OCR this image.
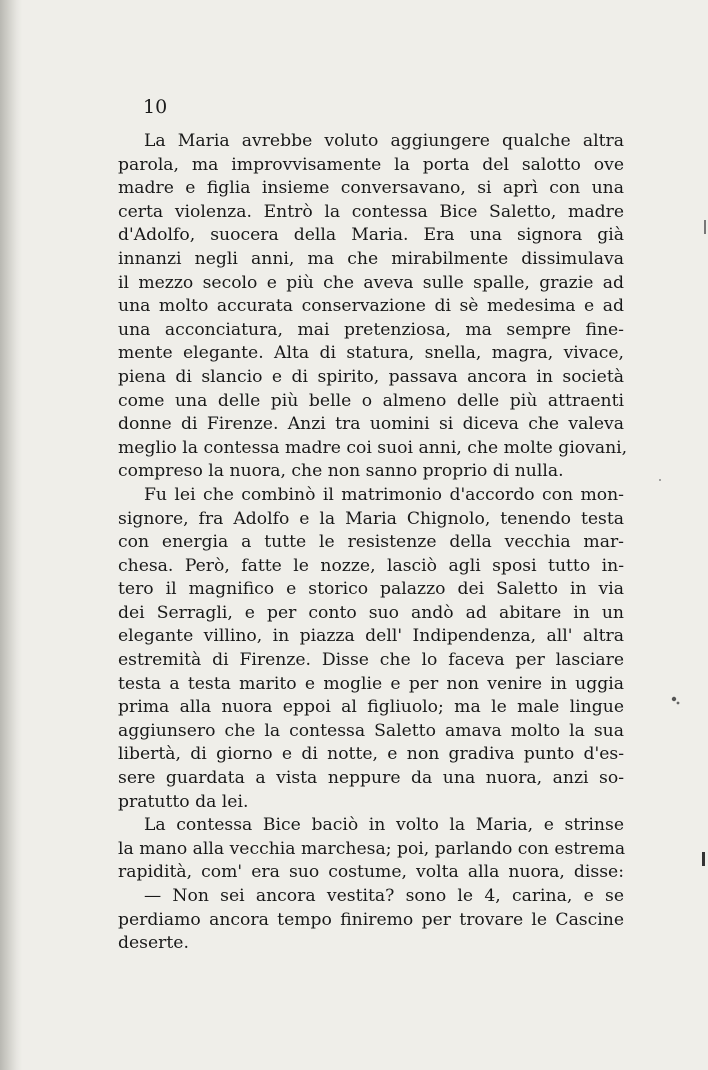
10
La Maria avrebbe voluto aggiungere qualche altra
parola, ma improvvisamente la porta del salotto ove
madre e figlia insieme conversavano, si aprì con una
certa violenza. Entrò la contessa Bice Saletto, madre
d'Adolfo, suocera della Maria. Era una signora già
innanzi negli anni, ma che mirabilmente dissimulava
il mezzo secolo e più che aveva sulle spalle, grazie ad
una molto accurata conservazione di sè medesima e ad
una acconciatura, mai pretenziosa, ma sempre fine-
mente elegante. Alta di statura, snella, magra, vivace,
piena di slancio e di spirito, passava ancora in società
come una delle più belle o almeno delle più attraenti
donne di Firenze. Anzi tra uomini si diceva che valeva
meglio la contessa madre coi suoi anni, che molte giovani,
compreso la nuora, che non sanno proprio di nulla.
Fu lei che combinò il matrimonio d'accordo con mon-
signore, fra Adolfo e la Maria Chignolo, tenendo testa
con energia a tutte le resistenze della vecchia mar-
chesa. Però, fatte le nozze, lasciò agli sposi tutto in-
tero il magnifico e storico palazzo dei Saletto in via
dei Serragli, e per conto suo andò ad abitare in un
elegante villino, in piazza dell' Indipendenza, all' altra
estremità di Firenze. Disse che lo faceva per lasciare
testa a testa marito e moglie e per non venire in uggia
prima alla nuora eppoi al figliuolo; ma le male lingue
aggiunsero che la contessa Saletto amava molto la sua
libertà, di giorno e di notte, e non gradiva punto d'es-
sere guardata a vista neppure da una nuora, anzi so-
pratutto da lei.
La contessa Bice baciò in volto la Maria, e strinse
la mano alla vecchia marchesa; poi, parlando con estrema
rapidità, com' era suo costume, volta alla nuora, disse:
— Non sei ancora vestita? sono le 4, carina, e se
perdiamo ancora tempo finiremo per trovare le Cascine
deserte.
